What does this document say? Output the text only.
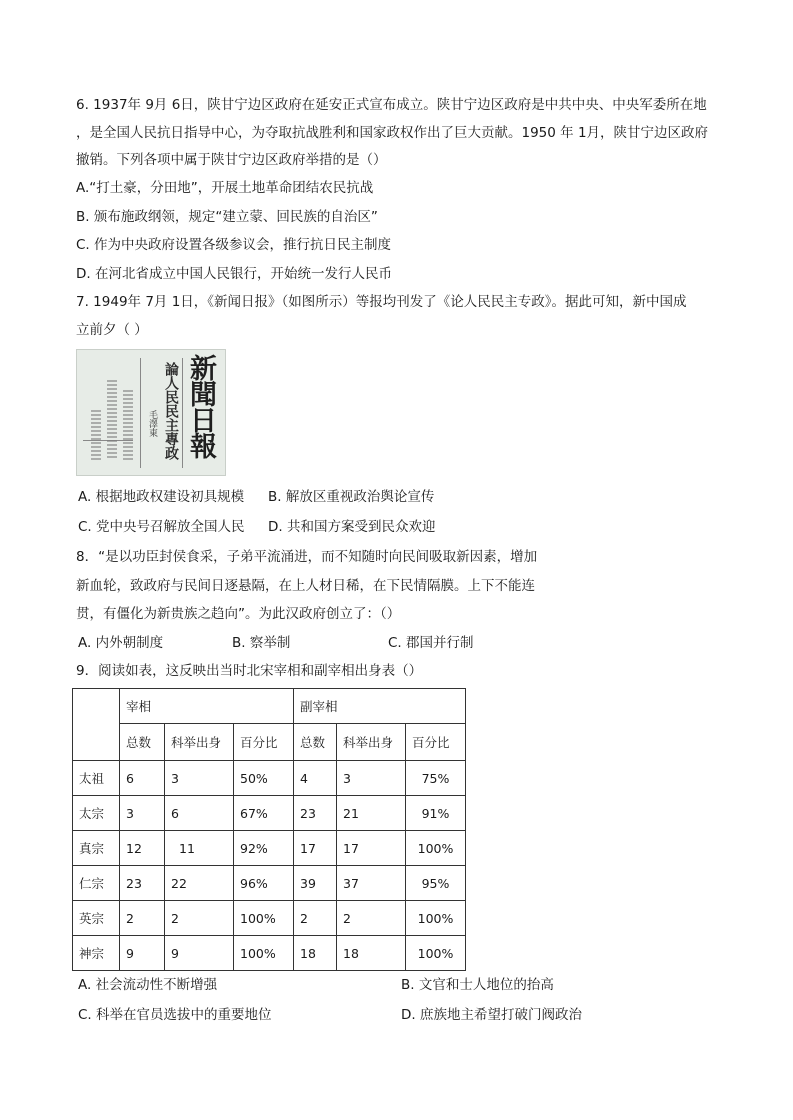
6. 1937年 9月 6日，陕甘宁边区政府在延安正式宣布成立。陕甘宁边区政府是中共中央、中央军委所在地
，是全国人民抗日指导中心，为夺取抗战胜利和国家政权作出了巨大贡献。1950 年 1月，陕甘宁边区政府
撤销。下列各项中属于陕甘宁边区政府举措的是（）
A.“打土豪，分田地”，开展土地革命团结农民抗战
B. 颁布施政纲领，规定“建立蒙、回民族的自治区”
C. 作为中央政府设置各级参议会，推行抗日民主制度
D. 在河北省成立中国人民银行，开始统一发行人民币
7. 1949年 7月 1日，《新闻日报》（如图所示）等报均刊发了《论人民民主专政》。据此可知，新中国成
立前夕（ ）
新聞日報
論人民民主專政
毛澤東
A. 根据地政权建设初具规模 B. 解放区重视政治舆论宣传
C. 党中央号召解放全国人民 D. 共和国方案受到民众欢迎
8．“是以功臣封侯食采，子弟平流涌进，而不知随时向民间吸取新因素，增加
新血轮，致政府与民间日逐悬隔，在上人材日稀，在下民情隔膜。上下不能连
贯，有僵化为新贵族之趋向”。为此汉政府创立了：（）
A. 内外朝制度	B. 察举制	C. 郡国并行制
9．阅读如表，这反映出当时北宋宰相和副宰相出身表（）
	宰相			副宰相		
	总数	科举出身	百分比	总数	科举出身	百分比
太祖	6	3	50%	4	3	75%
太宗	3	6	67%	23	21	91%
真宗	12	11	92%	17	17	100%
仁宗	23	22	96%	39	37	95%
英宗	2	2	100%	2	2	100%
神宗	9	9	100%	18	18	100%
A. 社会流动性不断增强	B. 文官和士人地位的抬高
C. 科举在官员选拔中的重要地位	D. 庶族地主希望打破门阀政治
